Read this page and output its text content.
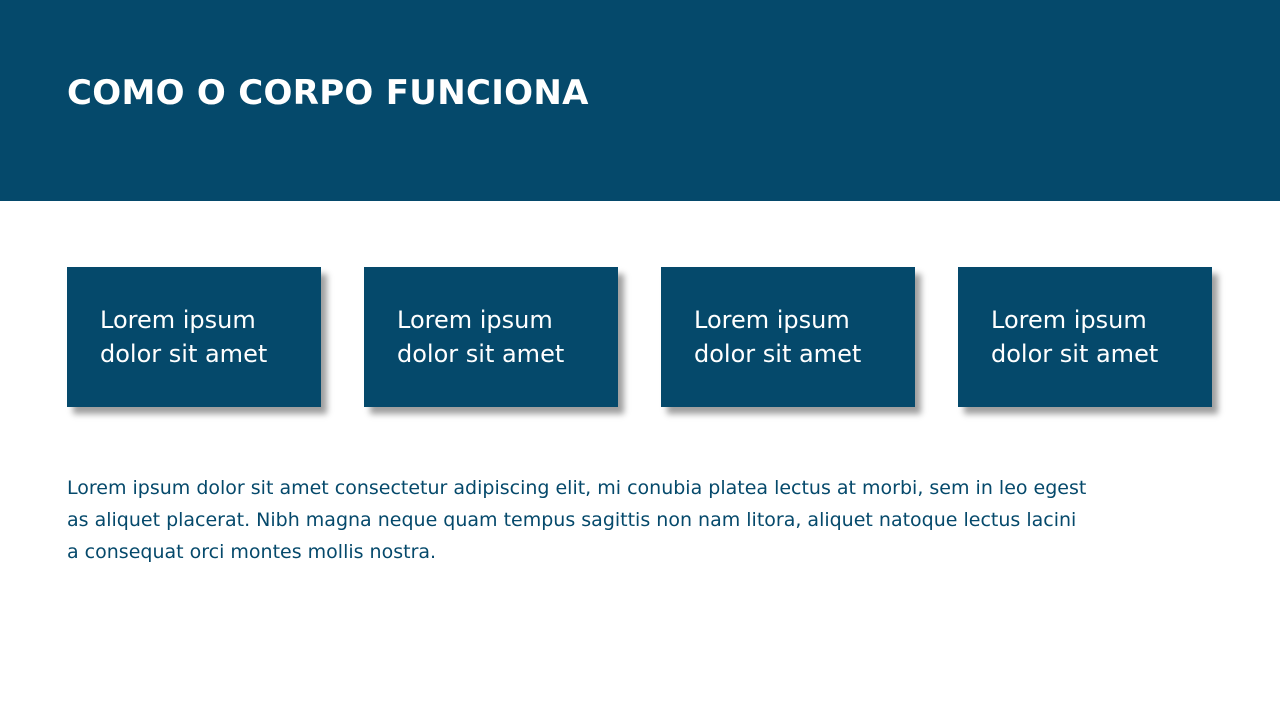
COMO O CORPO FUNCIONA
Lorem ipsum dolor sit amet
Lorem ipsum dolor sit amet
Lorem ipsum dolor sit amet
Lorem ipsum dolor sit amet

Lorem ipsum dolor sit amet consectetur adipiscing elit, mi conubia platea lectus at morbi, sem in leo egestas aliquet placerat. Nibh magna neque quam tempus sagittis non nam litora, aliquet natoque lectus lacinia consequat orci montes mollis nostra.
